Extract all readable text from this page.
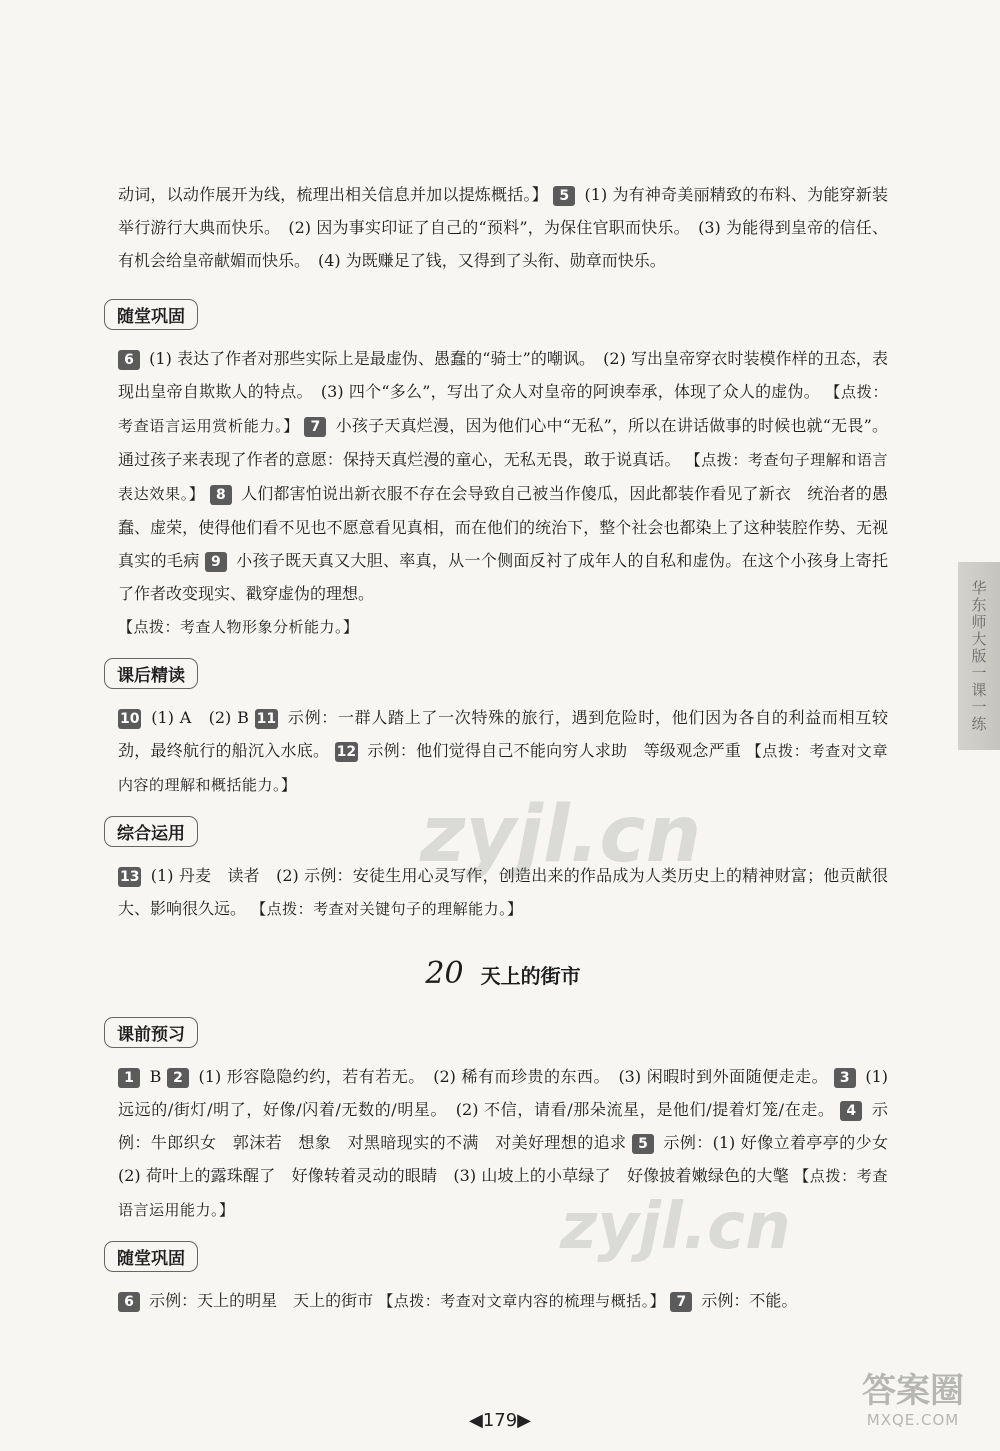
动词，以动作展开为线，梳理出相关信息并加以提炼概括。】 5 (1) 为有神奇美丽精致的布料、为能穿新装举行游行大典而快乐。　(2) 因为事实印证了自己的“预料”，为保住官职而快乐。　(3) 为能得到皇帝的信任、有机会给皇帝献媚而快乐。　(4) 为既赚足了钱，又得到了头衔、勋章而快乐。

随堂巩固

6 (1) 表达了作者对那些实际上是最虚伪、愚蠢的“骑士”的嘲讽。　(2) 写出皇帝穿衣时装模作样的丑态，表现出皇帝自欺欺人的特点。　(3) 四个“多么”，写出了众人对皇帝的阿谀奉承，体现了众人的虚伪。 【点拨：考查语言运用赏析能力。】 7 小孩子天真烂漫，因为他们心中“无私”，所以在讲话做事的时候也就“无畏”。通过孩子来表现了作者的意愿：保持天真烂漫的童心，无私无畏，敢于说真话。 【点拨：考查句子理解和语言表达效果。】 8 人们都害怕说出新衣服不存在会导致自己被当作傻瓜，因此都装作看见了新衣　统治者的愚蠢、虚荣，使得他们看不见也不愿意看见真相，而在他们的统治下，整个社会也都染上了这种装腔作势、无视真实的毛病 9 小孩子既天真又大胆、率真，从一个侧面反衬了成年人的自私和虚伪。在这个小孩身上寄托了作者改变现实、戳穿虚伪的理想。
【点拨：考查人物形象分析能力。】

课后精读

10 (1) A　(2) B 11 示例：一群人踏上了一次特殊的旅行，遇到危险时，他们因为各自的利益而相互较劲，最终航行的船沉入水底。 12 示例：他们觉得自己不能向穷人求助　等级观念严重 【点拨：考查对文章内容的理解和概括能力。】

综合运用

13 (1) 丹麦　读者　(2) 示例：安徒生用心灵写作，创造出来的作品成为人类历史上的精神财富；他贡献很大、影响很久远。 【点拨：考查对关键句子的理解能力。】

20 天上的街市
课前预习

1 B 2 (1) 形容隐隐约约，若有若无。　(2) 稀有而珍贵的东西。　(3) 闲暇时到外面随便走走。 3 (1) 远远的/街灯/明了，好像/闪着/无数的/明星。　(2) 不信，请看/那朵流星，是他们/提着灯笼/在走。 4 示例：牛郎织女　郭沫若　想象　对黑暗现实的不满　对美好理想的追求 5 示例：(1) 好像立着亭亭的少女　(2) 荷叶上的露珠醒了　好像转着灵动的眼睛　(3) 山坡上的小草绿了　好像披着嫩绿色的大氅 【点拨：考查语言运用能力。】

随堂巩固

6 示例：天上的明星　天上的街市 【点拨：考查对文章内容的梳理与概括。】 7 示例：不能。

华东师大版一课一练
◀179▶
zyjl.cn
zyjl.cn
答案圈
MXQE.COM
